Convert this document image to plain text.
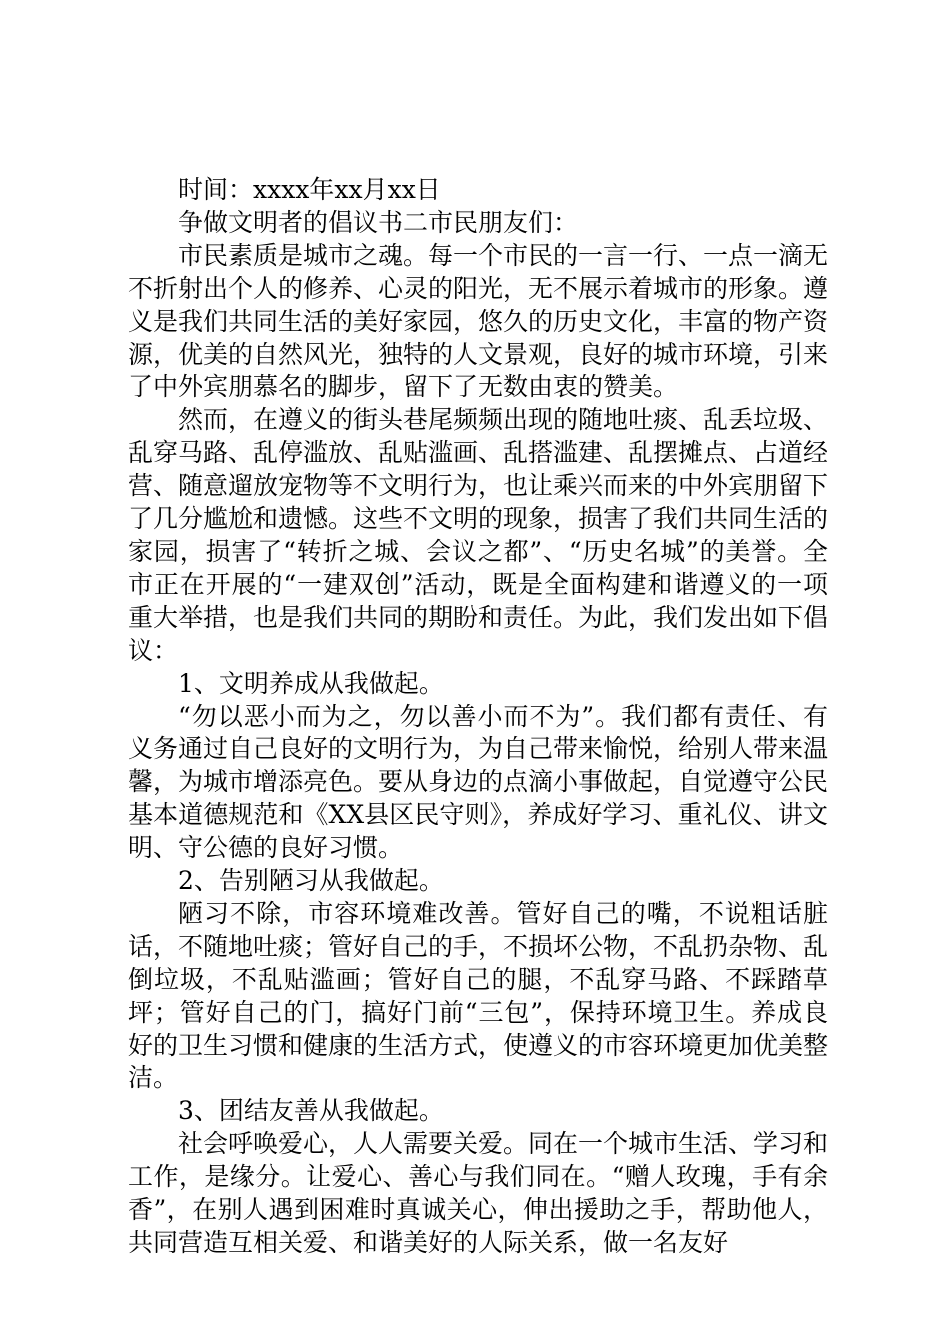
时间：xxxx年xx月xx日

争做文明者的倡议书二市民朋友们：

市民素质是城市之魂。每一个市民的一言一行、一点一滴无不折射出个人的修养、心灵的阳光，无不展示着城市的形象。遵义是我们共同生活的美好家园，悠久的历史文化，丰富的物产资源，优美的自然风光，独特的人文景观，良好的城市环境，引来了中外宾朋慕名的脚步，留下了无数由衷的赞美。

然而，在遵义的街头巷尾频频出现的随地吐痰、乱丢垃圾、乱穿马路、乱停滥放、乱贴滥画、乱搭滥建、乱摆摊点、占道经营、随意遛放宠物等不文明行为，也让乘兴而来的中外宾朋留下了几分尴尬和遗憾。这些不文明的现象，损害了我们共同生活的家园，损害了“转折之城、会议之都”、“历史名城”的美誉。全市正在开展的“一建双创”活动，既是全面构建和谐遵义的一项重大举措，也是我们共同的期盼和责任。为此，我们发出如下倡议：

1、文明养成从我做起。

“勿以恶小而为之，勿以善小而不为”。我们都有责任、有义务通过自己良好的文明行为，为自己带来愉悦，给别人带来温馨，为城市增添亮色。要从身边的点滴小事做起，自觉遵守公民基本道德规范和《XX县区民守则》，养成好学习、重礼仪、讲文明、守公德的良好习惯。

2、告别陋习从我做起。

陋习不除，市容环境难改善。管好自己的嘴，不说粗话脏话，不随地吐痰；管好自己的手，不损坏公物，不乱扔杂物、乱倒垃圾，不乱贴滥画；管好自己的腿，不乱穿马路、不踩踏草坪；管好自己的门，搞好门前“三包”，保持环境卫生。养成良好的卫生习惯和健康的生活方式，使遵义的市容环境更加优美整洁。

3、团结友善从我做起。

社会呼唤爱心，人人需要关爱。同在一个城市生活、学习和工作，是缘分。让爱心、善心与我们同在。“赠人玫瑰，手有余香”，在别人遇到困难时真诚关心，伸出援助之手，帮助他人，共同营造互相关爱、和谐美好的人际关系，做一名友好
